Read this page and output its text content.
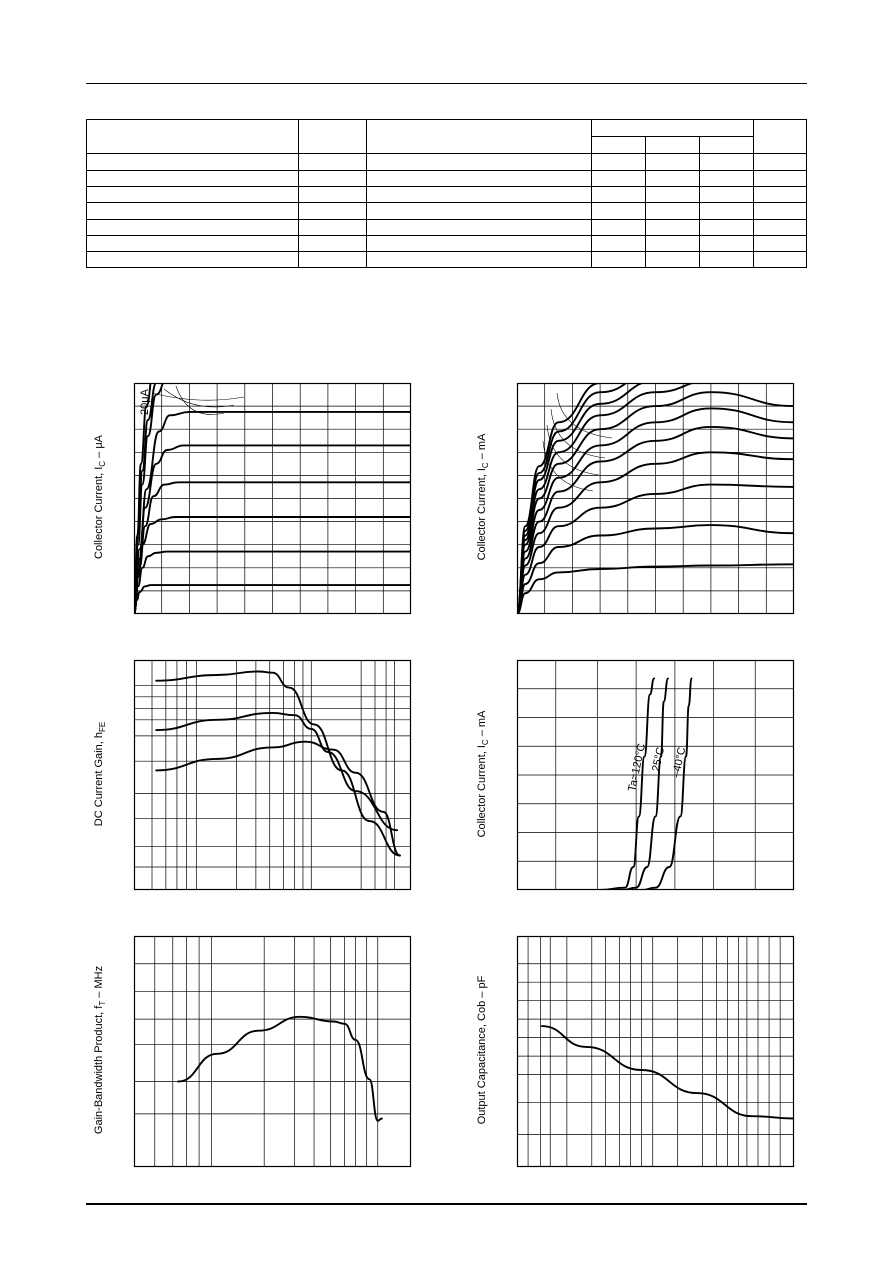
Collector Current, $I_C$ – μA
20μA
Collector Current, $I_C$ – mA
DC Current Gain, $h_{FE}$
Collector Current, $I_C$ – mA
Ta=120°C 25°C –40°C
Gain-Bandwidth Product, $f_T$ – MHz	Output Capacitance, Cob – pF
